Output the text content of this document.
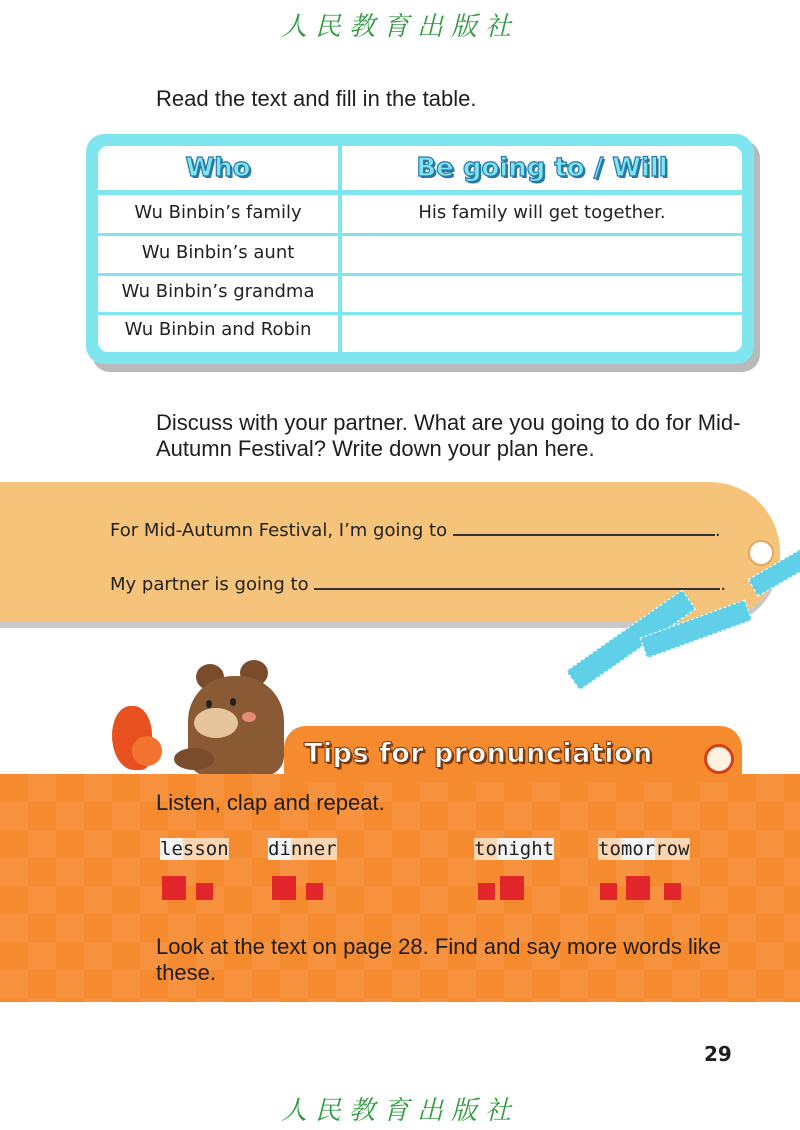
人民教育出版社
Read the text and fill in the table.
Who	Be going to / Will
Wu Binbin’s family	His family will get together.
Wu Binbin’s aunt
Wu Binbin’s grandma
Wu Binbin and Robin
Discuss with your partner. What are you going to do for Mid-Autumn Festival? Write down your plan here.
For Mid-Autumn Festival, I’m going to	.
My partner is going to	.
Tips for pronunciation
Listen, clap and repeat.
lesson dinner	tonight tomorrow
Look at the text on page 28. Find and say more words like these.
29
人民教育出版社
